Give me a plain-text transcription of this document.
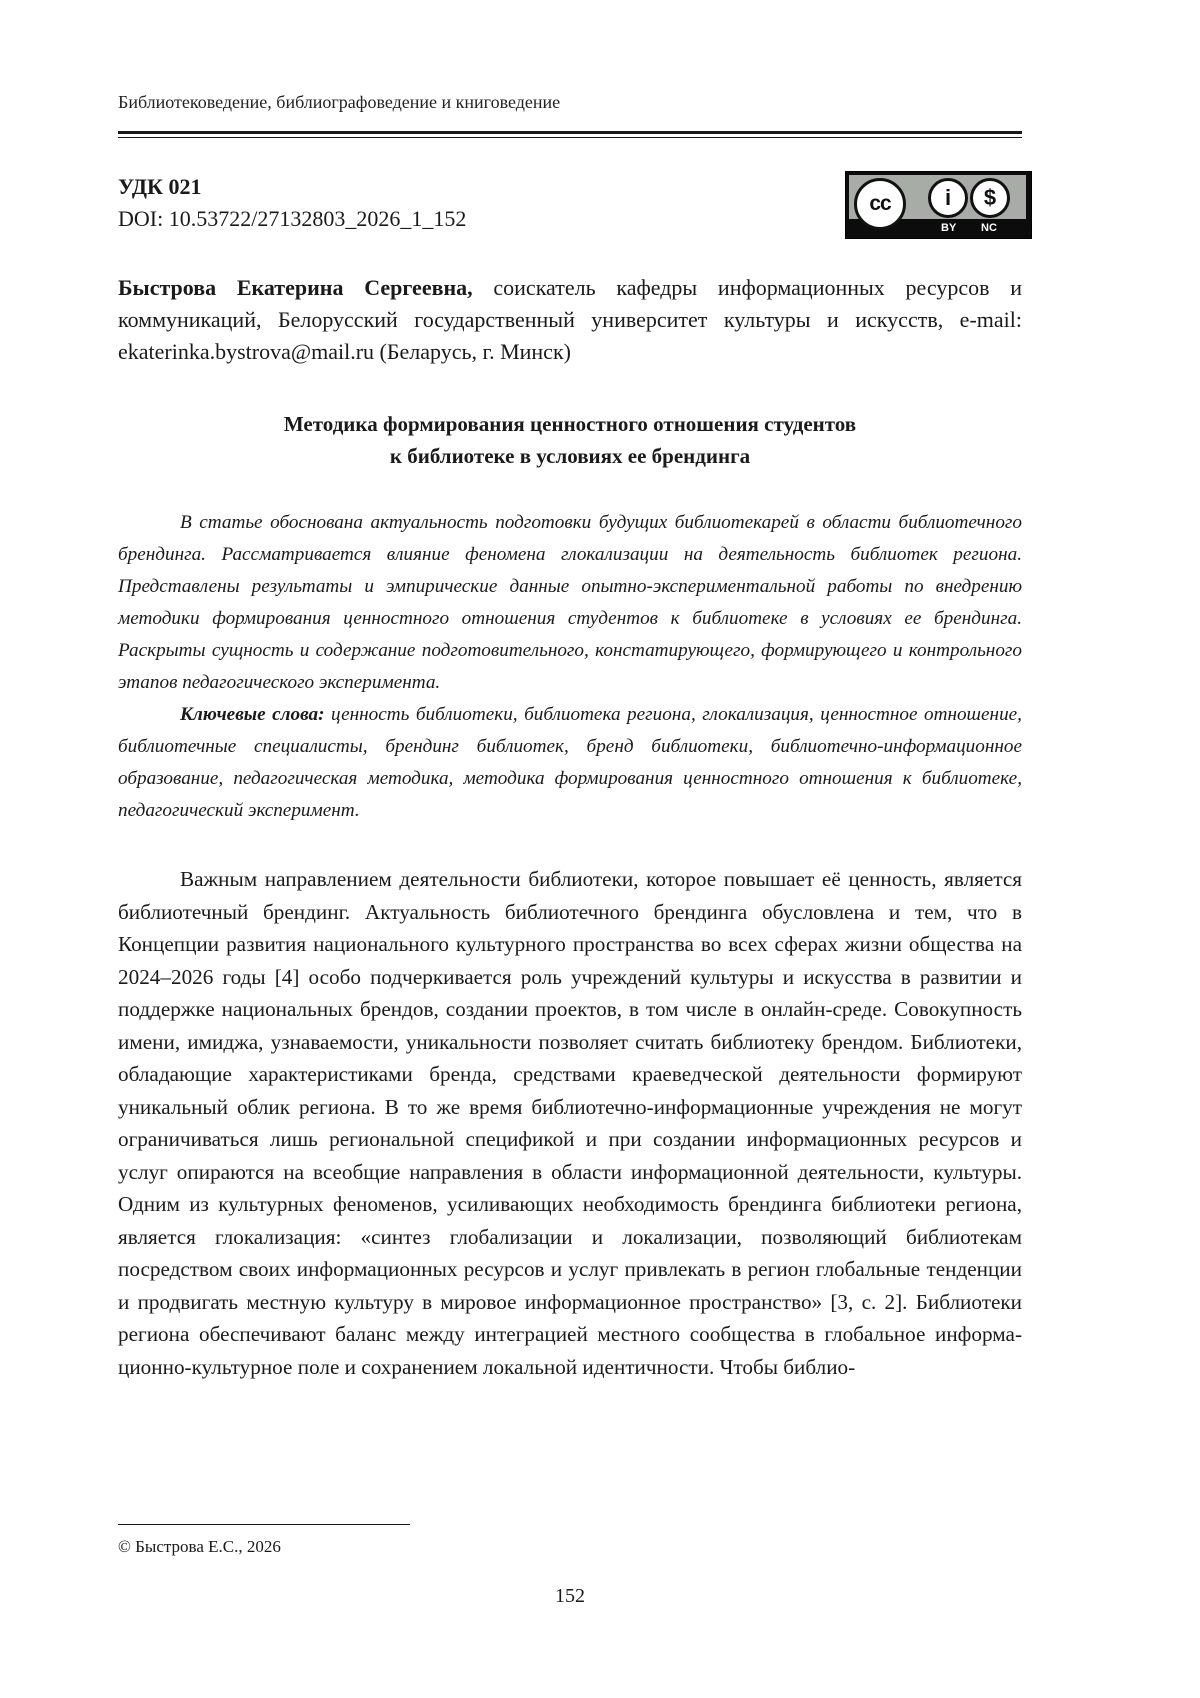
Библиотековедение, библиографоведение и книговедение
УДК 021
DOI: 10.53722/27132803_2026_1_152
cc	i	$
BY NC
Быстрова Екатерина Сергеевна, соискатель кафедры информационных ресурсов и коммуникаций, Белорусский государственный университет культуры и искусств, e-mail: ekaterinka.bystrova@mail.ru (Беларусь, г. Минск)
Методика формирования ценностного отношения студентов
к библиотеке в условиях ее брендинга
В статье обоснована актуальность подготовки будущих библиотекарей в области библиотечного брендинга. Рассматривается влияние феномена глокализации на деятельность библиотек региона. Представлены результаты и эмпирические данные опытно-экспериментальной работы по внедрению методики формирования ценностного отношения студентов к библиотеке в условиях ее брендинга. Раскрыты сущность и содержание подготовительного, констатирующего, формирующего и контрольного этапов педагогического эксперимента.
Ключевые слова: ценность библиотеки, библиотека региона, глокализация, ценностное отношение, библиотечные специалисты, брендинг библиотек, бренд библиотеки, библиотечно-информационное образование, педагогическая методика, методика формирования ценностного отношения к библиотеке, педагогический эксперимент.
Важным направлением деятельности библиотеки, которое повышает её ценность, является библиотечный брендинг. Актуальность библиотечного брендинга обусловлена и тем, что в Концепции развития национального культурного пространства во всех сферах жизни общества на 2024–2026 годы [4] особо подчеркивается роль учреждений культуры и искусства в развитии и поддержке национальных брендов, создании проектов, в том числе в онлайн-среде. Совокупность имени, имиджа, узнаваемости, уникальности позволяет считать библиотеку брендом. Библиотеки, обладающие характеристиками бренда, средствами краеведческой деятельности формируют уникальный облик региона. В то же время библиотечно-информационные учреждения не могут ограничиваться лишь региональной спецификой и при создании информационных ресурсов и услуг опираются на всеобщие направления в области информационной деятельности, культуры. Одним из культурных феноменов, усиливающих необходимость брендинга библиотеки региона, является глокализация: «синтез глобализации и локализации, позволяющий библиотекам посредством своих информационных ресурсов и услуг привлекать в регион глобальные тенденции и продвигать местную культуру в мировое информационное пространство» [3, с. 2]. Библиотеки региона обеспечивают баланс между интеграцией местного сообщества в глобальное информационно-культурное поле и сохранением локальной идентичности. Чтобы библио-
© Быстрова Е.С., 2026
152
